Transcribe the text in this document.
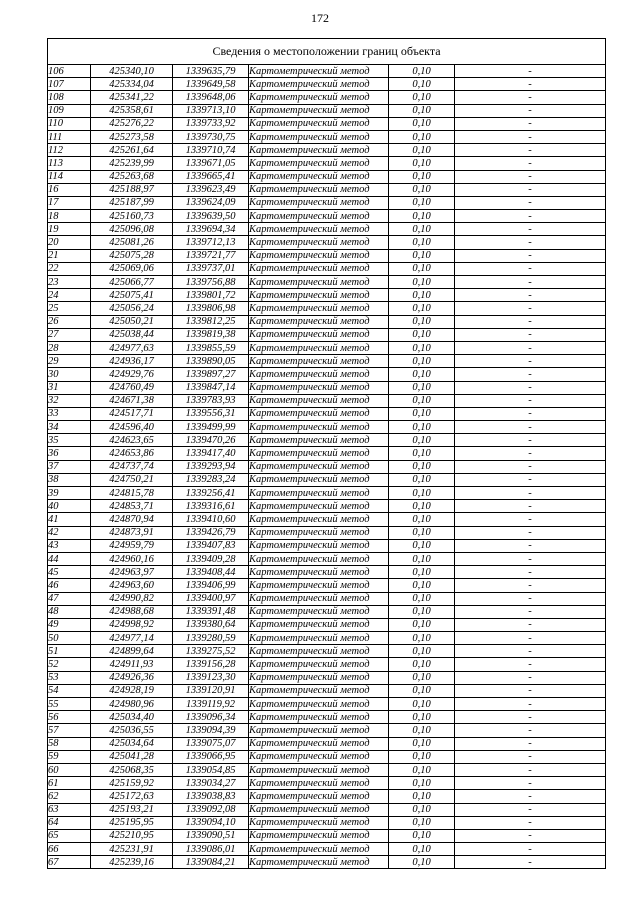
172
Сведения о местоположении границ объекта					
106	425340,10	1339635,79	Картометрический метод	0,10	-
107	425334,04	1339649,58	Картометрический метод	0,10	-
108	425341,22	1339648,06	Картометрический метод	0,10	-
109	425358,61	1339713,10	Картометрический метод	0,10	-
110	425276,22	1339733,92	Картометрический метод	0,10	-
111	425273,58	1339730,75	Картометрический метод	0,10	-
112	425261,64	1339710,74	Картометрический метод	0,10	-
113	425239,99	1339671,05	Картометрический метод	0,10	-
114	425263,68	1339665,41	Картометрический метод	0,10	-
16	425188,97	1339623,49	Картометрический метод	0,10	-
17	425187,99	1339624,09	Картометрический метод	0,10	-
18	425160,73	1339639,50	Картометрический метод	0,10	-
19	425096,08	1339694,34	Картометрический метод	0,10	-
20	425081,26	1339712,13	Картометрический метод	0,10	-
21	425075,28	1339721,77	Картометрический метод	0,10	-
22	425069,06	1339737,01	Картометрический метод	0,10	-
23	425066,77	1339756,88	Картометрический метод	0,10	-
24	425075,41	1339801,72	Картометрический метод	0,10	-
25	425056,24	1339806,98	Картометрический метод	0,10	-
26	425050,21	1339812,25	Картометрический метод	0,10	-
27	425038,44	1339819,38	Картометрический метод	0,10	-
28	424977,63	1339855,59	Картометрический метод	0,10	-
29	424936,17	1339890,05	Картометрический метод	0,10	-
30	424929,76	1339897,27	Картометрический метод	0,10	-
31	424760,49	1339847,14	Картометрический метод	0,10	-
32	424671,38	1339783,93	Картометрический метод	0,10	-
33	424517,71	1339556,31	Картометрический метод	0,10	-
34	424596,40	1339499,99	Картометрический метод	0,10	-
35	424623,65	1339470,26	Картометрический метод	0,10	-
36	424653,86	1339417,40	Картометрический метод	0,10	-
37	424737,74	1339293,94	Картометрический метод	0,10	-
38	424750,21	1339283,24	Картометрический метод	0,10	-
39	424815,78	1339256,41	Картометрический метод	0,10	-
40	424853,71	1339316,61	Картометрический метод	0,10	-
41	424870,94	1339410,60	Картометрический метод	0,10	-
42	424873,91	1339426,79	Картометрический метод	0,10	-
43	424959,79	1339407,83	Картометрический метод	0,10	-
44	424960,16	1339409,28	Картометрический метод	0,10	-
45	424963,97	1339408,44	Картометрический метод	0,10	-
46	424963,60	1339406,99	Картометрический метод	0,10	-
47	424990,82	1339400,97	Картометрический метод	0,10	-
48	424988,68	1339391,48	Картометрический метод	0,10	-
49	424998,92	1339380,64	Картометрический метод	0,10	-
50	424977,14	1339280,59	Картометрический метод	0,10	-
51	424899,64	1339275,52	Картометрический метод	0,10	-
52	424911,93	1339156,28	Картометрический метод	0,10	-
53	424926,36	1339123,30	Картометрический метод	0,10	-
54	424928,19	1339120,91	Картометрический метод	0,10	-
55	424980,96	1339119,92	Картометрический метод	0,10	-
56	425034,40	1339096,34	Картометрический метод	0,10	-
57	425036,55	1339094,39	Картометрический метод	0,10	-
58	425034,64	1339075,07	Картометрический метод	0,10	-
59	425041,28	1339066,95	Картометрический метод	0,10	-
60	425068,35	1339054,85	Картометрический метод	0,10	-
61	425159,92	1339034,27	Картометрический метод	0,10	-
62	425172,63	1339038,83	Картометрический метод	0,10	-
63	425193,21	1339092,08	Картометрический метод	0,10	-
64	425195,95	1339094,10	Картометрический метод	0,10	-
65	425210,95	1339090,51	Картометрический метод	0,10	-
66	425231,91	1339086,01	Картометрический метод	0,10	-
67	425239,16	1339084,21	Картометрический метод	0,10	-
